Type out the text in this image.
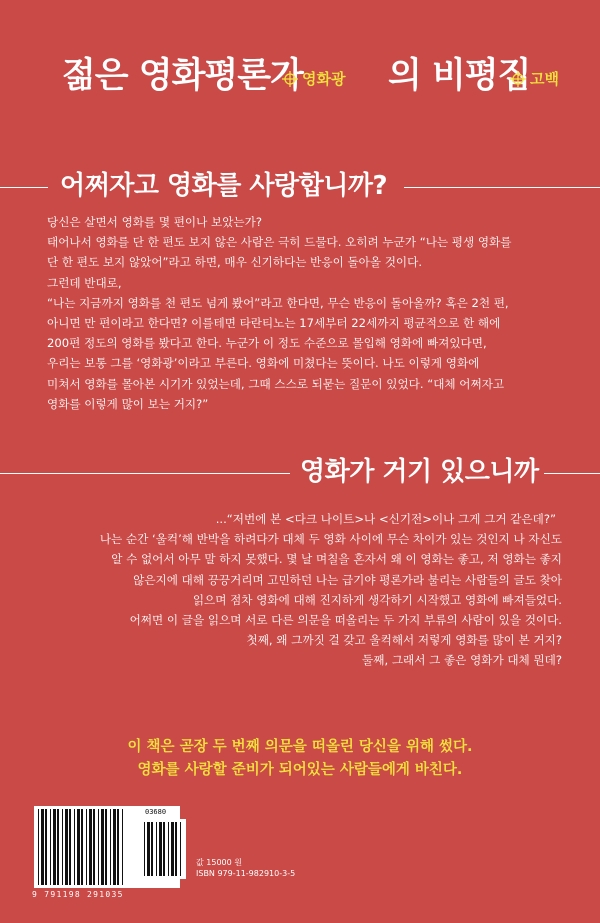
젊은 영화평론가 영화광 의 비평집 고백
어쩌자고 영화를 사랑합니까?
당신은 살면서 영화를 몇 편이나 보았는가?
태어나서 영화를 단 한 편도 보지 않은 사람은 극히 드물다. 오히려 누군가 “나는 평생 영화를
단 한 편도 보지 않았어”라고 하면, 매우 신기하다는 반응이 돌아올 것이다.
그런데 반대로,
“나는 지금까지 영화를 천 편도 넘게 봤어”라고 한다면, 무슨 반응이 돌아올까? 혹은 2천 편,
아니면 만 편이라고 한다면? 이를테면 타란티노는 17세부터 22세까지 평균적으로 한 해에
200편 정도의 영화를 봤다고 한다. 누군가 이 정도 수준으로 몰입해 영화에 빠져있다면,
우리는 보통 그를 ‘영화광’이라고 부른다. 영화에 미쳤다는 뜻이다. 나도 이렇게 영화에
미쳐서 영화를 몰아본 시기가 있었는데, 그때 스스로 되묻는 질문이 있었다. “대체 어쩌자고
영화를 이렇게 많이 보는 거지?”
영화가 거기 있으니까
...“저번에 본 <다크 나이트>나 <신기전>이나 그게 그거 같은데?”
나는 순간 ‘울컥’해 반박을 하려다가 대체 두 영화 사이에 무슨 차이가 있는 것인지 나 자신도
알 수 없어서 아무 말 하지 못했다. 몇 날 며칠을 혼자서 왜 이 영화는 좋고, 저 영화는 좋지
않은지에 대해 끙끙거리며 고민하던 나는 급기야 평론가라 불리는 사람들의 글도 찾아
읽으며 점차 영화에 대해 진지하게 생각하기 시작했고 영화에 빠져들었다.
어쩌면 이 글을 읽으며 서로 다른 의문을 떠올리는 두 가지 부류의 사람이 있을 것이다.
첫째, 왜 그까짓 걸 갖고 울컥해서 저렇게 영화를 많이 본 거지?
둘째, 그래서 그 좋은 영화가 대체 뭔데?
이 책은 곧장 두 번째 의문을 떠올린 당신을 위해 썼다.
영화를 사랑할 준비가 되어있는 사람들에게 바친다.
03680
9 791198 291035
값 15000 원
ISBN 979-11-982910-3-5
